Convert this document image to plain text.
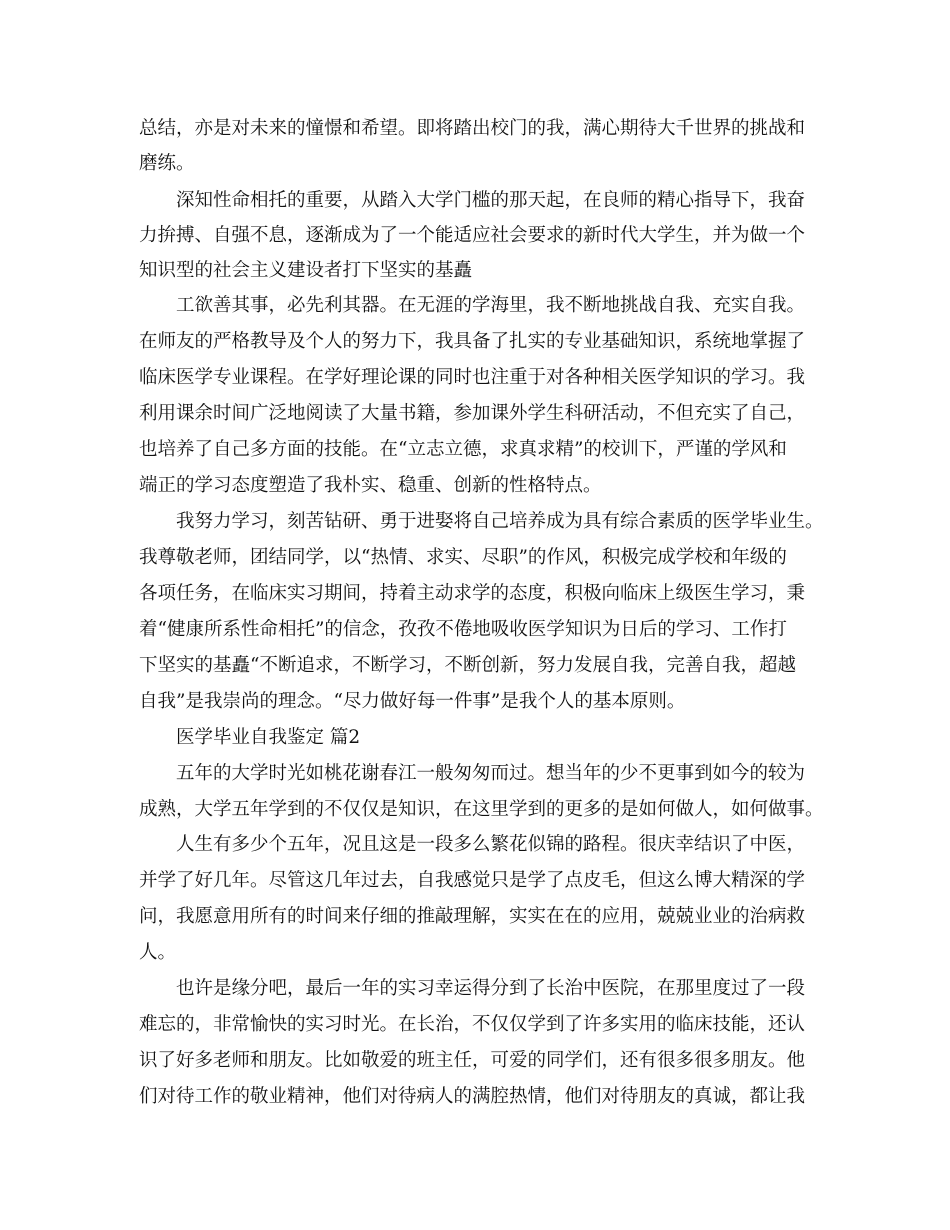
总结，亦是对未来的憧憬和希望。即将踏出校门的我，满心期待大千世界的挑战和
磨练。
深知性命相托的重要，从踏入大学门槛的那天起，在良师的精心指导下，我奋
力拚搏、自强不息，逐渐成为了一个能适应社会要求的新时代大学生，并为做一个
知识型的社会主义建设者打下坚实的基矗
工欲善其事，必先利其器。在无涯的学海里，我不断地挑战自我、充实自我。
在师友的严格教导及个人的努力下，我具备了扎实的专业基础知识，系统地掌握了
临床医学专业课程。在学好理论课的同时也注重于对各种相关医学知识的学习。我
利用课余时间广泛地阅读了大量书籍，参加课外学生科研活动，不但充实了自己，
也培养了自己多方面的技能。在“立志立德，求真求精”的校训下，严谨的学风和
端正的学习态度塑造了我朴实、稳重、创新的性格特点。
我努力学习，刻苦钻研、勇于进娶将自己培养成为具有综合素质的医学毕业生。
我尊敬老师，团结同学，以“热情、求实、尽职”的作风，积极完成学校和年级的
各项任务，在临床实习期间，持着主动求学的态度，积极向临床上级医生学习，秉
着“健康所系性命相托”的信念，孜孜不倦地吸收医学知识为日后的学习、工作打
下坚实的基矗“不断追求，不断学习，不断创新，努力发展自我，完善自我，超越
自我”是我崇尚的理念。“尽力做好每一件事”是我个人的基本原则。
医学毕业自我鉴定 篇2
五年的大学时光如桃花谢春江一般匆匆而过。想当年的少不更事到如今的较为
成熟，大学五年学到的不仅仅是知识，在这里学到的更多的是如何做人，如何做事。
人生有多少个五年，况且这是一段多么繁花似锦的路程。很庆幸结识了中医，
并学了好几年。尽管这几年过去，自我感觉只是学了点皮毛，但这么博大精深的学
问，我愿意用所有的时间来仔细的推敲理解，实实在在的应用，兢兢业业的治病救
人。
也许是缘分吧，最后一年的实习幸运得分到了长治中医院，在那里度过了一段
难忘的，非常愉快的实习时光。在长治，不仅仅学到了许多实用的临床技能，还认
识了好多老师和朋友。比如敬爱的班主任，可爱的同学们，还有很多很多朋友。他
们对待工作的敬业精神，他们对待病人的满腔热情，他们对待朋友的真诚，都让我
